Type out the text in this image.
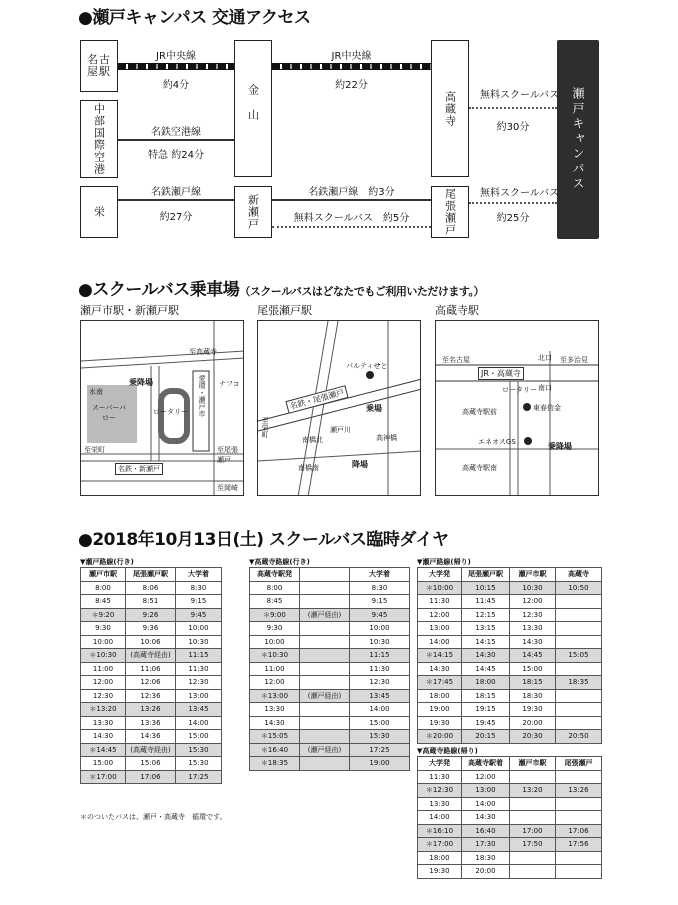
●瀬戸キャンパス 交通アクセス
名古屋駅
中部国際空港
栄
金山
新瀬戸
高蔵寺
尾張瀬戸
瀬戸キャンパス
JR中央線
約4分
JR中央線
約22分
無料スクールバス
約30分
名鉄空港線
特急 約24分
名鉄瀬戸線
約27分
名鉄瀬戸線　約3分
無料スクールバス　約5分
無料スクールバス
約25分
●スクールバス乗車場（スクールバスはどなたでもご利用いただけます。）
瀬戸市駅・新瀬戸駅	尾張瀬戸駅	高蔵寺駅
至高蔵寺
乗降場
水南
スーパーバロー
ロータリー 愛環・瀬戸市 ナフコ
至栄町
名鉄・新瀬戸
至尾張瀬戸
至岡崎
パルティせと
名鉄・尾張瀬戸
至栄町
乗場
瀬戸川
高神橋
南橋北
南橋南	降場
至名古屋
JR・高蔵寺
北口 至多治見
ロータリー 南口
東春信金
高蔵寺駅前
エネオスGS	乗降場
高蔵寺駅南
●2018年10月13日(土) スクールバス臨時ダイヤ
▼瀬戸路線(行き)
瀬戸市駅	尾張瀬戸駅	大学着
8:00	8:06	8:30
8:45	8:51	9:15
＊9:20	9:26	9:45
9:30	9:36	10:00
10:00	10:06	10:30
＊10:30	(高蔵寺経由)	11:15
11:00	11:06	11:30
12:00	12:06	12:30
12:30	12:36	13:00
＊13:20	13:26	13:45
13:30	13:36	14:00
14:30	14:36	15:00
＊14:45	(高蔵寺経由)	15:30
15:00	15:06	15:30
＊17:00	17:06	17:25
▼高蔵寺路線(行き)
高蔵寺駅発		大学着
8:00		8:30
8:45		9:15
＊9:00	(瀬戸経由)	9:45
9:30		10:00
10:00		10:30
＊10:30		11:15
11:00		11:30
12:00		12:30
＊13:00	(瀬戸経由)	13:45
13:30		14:00
14:30		15:00
＊15:05		15:30
＊16:40	(瀬戸経由)	17:25
＊18:35		19:00
▼瀬戸路線(帰り)
大学発	尾張瀬戸駅	瀬戸市駅	高蔵寺
＊10:00	10:15	10:30	10:50
11:30	11:45	12:00	
12:00	12:15	12:30	
13:00	13:15	13:30	
14:00	14:15	14:30	
＊14:15	14:30	14:45	15:05
14:30	14:45	15:00	
＊17:45	18:00	18:15	18:35
18:00	18:15	18:30	
19:00	19:15	19:30	
19:30	19:45	20:00	
＊20:00	20:15	20:30	20:50
▼高蔵寺路線(帰り)
大学発	高蔵寺駅着	瀬戸市駅	尾張瀬戸
11:30	12:00		
＊12:30	13:00	13:20	13:26
13:30	14:00		
14:00	14:30		
＊16:10	16:40	17:00	17:06
＊17:00	17:30	17:50	17:56
18:00	18:30		
19:30	20:00		
＊のついたバスは、瀬戸・高蔵寺　循環です。
